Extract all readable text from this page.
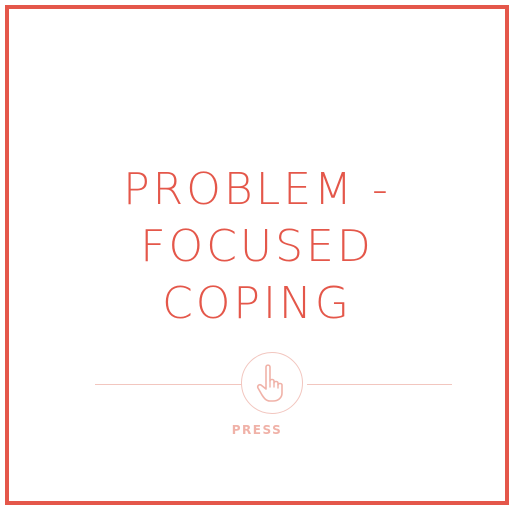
PROBLEM -
FOCUSED
COPING
PRESS
